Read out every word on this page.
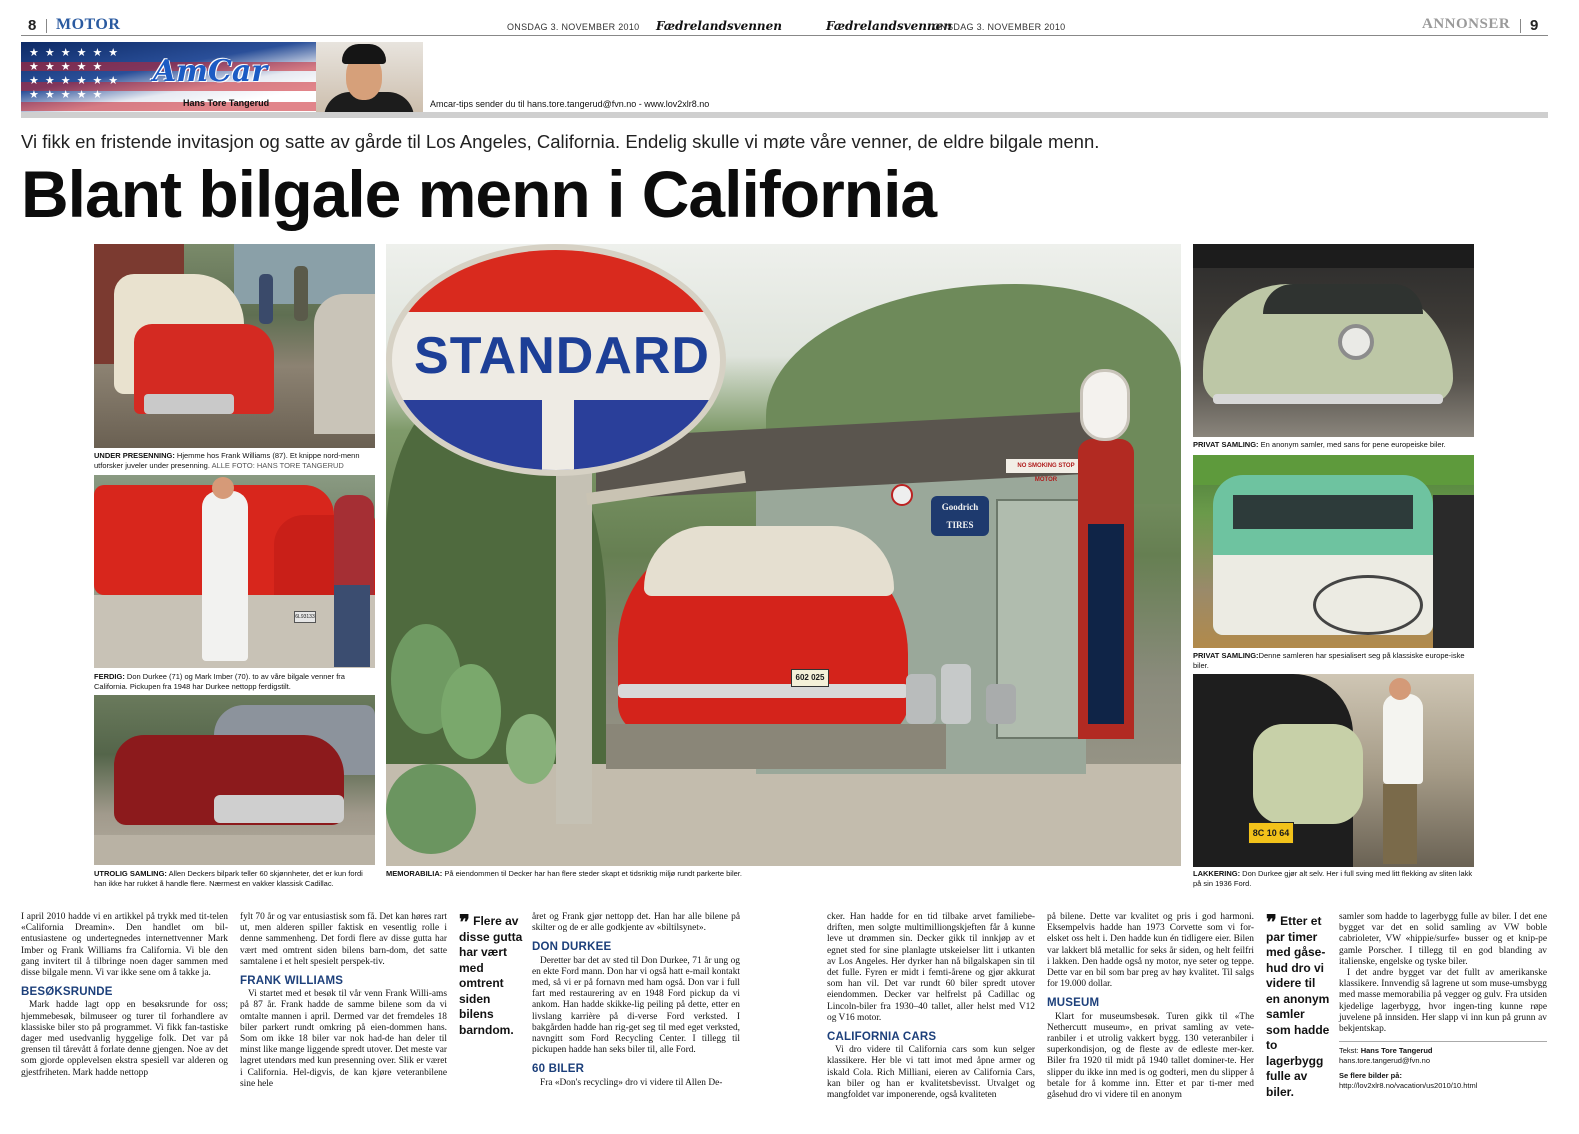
8 MOTOR	ONSDAG 3. NOVEMBER 2010 Fædrelandsvennen	Fædrelandsvennen
ONSDAG 3. NOVEMBER 2010	ANNONSER 9
★★★★★★ ★★★★★ ★★★★★★ ★★★★★
AmCar
Hans Tore Tangerud	Amcar-tips sender du til hans.tore.tangerud@fvn.no - www.lov2xlr8.no
Vi fikk en fristende invitasjon og satte av gårde til Los Angeles, California. Endelig skulle vi møte våre venner, de eldre bilgale menn.
Blant bilgale menn i California
UNDER PRESENNING: Hjemme hos Frank Williams (87). Et knippe nord-menn utforsker juveler under presenning. ALLE FOTO: HANS TORE TANGERUD
6L93133
FERDIG: Don Durkee (71) og Mark Imber (70). to av våre bilgale venner fra California. Pickupen fra 1948 har Durkee nettopp ferdigstilt.
UTROLIG SAMLING: Allen Deckers bilpark teller 60 skjønnheter, det er kun fordi han ikke har rukket å handle flere. Nærmest en vakker klassisk Cadillac.
NO SMOKING STOP MOTOR
Goodrich TIRES
602 025
STANDARD
MEMORABILIA: På eiendommen til Decker har han flere steder skapt et tidsriktig miljø rundt parkerte biler.
PRIVAT SAMLING: En anonym samler, med sans for pene europeiske biler.
PRIVAT SAMLING:Denne samleren har spesialisert seg på klassiske europe-iske biler.
8C 10 64
LAKKERING: Don Durkee gjør alt selv. Her i full sving med litt flekking av sliten lakk på sin 1936 Ford.

I april 2010 hadde vi en artikkel på trykk med tit-telen «California Dreamin». Den handlet om bil-entusiastene og undertegnedes internettvenner Mark Imber og Frank Williams fra California. Vi ble den gang invitert til å tilbringe noen dager sammen med disse bilgale menn. Vi var ikke sene om å takke ja.

BESØKSRUNDE

Mark hadde lagt opp en besøksrunde for oss; hjemmebesøk, bilmuseer og turer til forhandlere av klassiske biler sto på programmet. Vi fikk fan-tastiske dager med usedvanlig hyggelige folk. Det var på grensen til tårevått å forlate denne gjengen. Noe av det som gjorde opplevelsen ekstra spesiell var alderen og gjestfriheten. Mark hadde nettopp

fylt 70 år og var entusiastisk som få. Det kan høres rart ut, men alderen spiller faktisk en vesentlig rolle i denne sammenheng. Det fordi flere av disse gutta har vært med omtrent siden bilens barn-dom, det satte samtalene i et helt spesielt perspek-tiv.

FRANK WILLIAMS

Vi startet med et besøk til vår venn Frank Willi-ams på 87 år. Frank hadde de samme bilene som da vi omtalte mannen i april. Dermed var det fremdeles 18 biler parkert rundt omkring på eien-dommen hans. Som om ikke 18 biler var nok had-de han deler til minst like mange liggende spredt utover. Det meste var lagret utendørs med kun presenning over. Slik er været i California. Hel-digvis, de kan kjøre veteranbilene sine hele

❞ Flere av disse gutta har vært med omtrent siden bilens barndom.

året og Frank gjør nettopp det. Han har alle bilene på skilter og de er alle godkjente av «biltilsynet».

DON DURKEE

Deretter bar det av sted til Don Durkee, 71 år ung og en ekte Ford mann. Don har vi også hatt e-mail kontakt med, så vi er på fornavn med ham også. Don var i full fart med restaurering av en 1948 Ford pickup da vi ankom. Han hadde skikke-lig peiling på dette, etter en livslang karrière på di-verse Ford verksted. I bakgården hadde han rig-get seg til med eget verksted, navngitt som Ford Recycling Center. I tillegg til pickupen hadde han seks biler til, alle Ford.

60 BILER

Fra «Don's recycling» dro vi videre til Allen De-

cker. Han hadde for en tid tilbake arvet familiebe-driften, men solgte multimilliongskjeften får å kunne leve ut drømmen sin. Decker gikk til innkjøp av et egnet sted for sine planlagte utskeielser litt i utkanten av Los Angeles. Her dyrker han nå bilgalskapen sin til det fulle. Fyren er midt i femti-årene og gjør akkurat som han vil. Det var rundt 60 biler spredt utover eiendommen. Decker var helfrelst på Cadillac og Lincoln-biler fra 1930–40 tallet, aller helst med V12 og V16 motor.

CALIFORNIA CARS

Vi dro videre til California cars som kun selger klassikere. Her ble vi tatt imot med åpne armer og iskald Cola. Rich Milliani, eieren av California Cars, kan biler og han er kvalitetsbevisst. Utvalget og mangfoldet var imponerende, også kvaliteten

på bilene. Dette var kvalitet og pris i god harmoni. Eksempelvis hadde han 1973 Corvette som vi for-elsket oss helt i. Den hadde kun én tidligere eier. Bilen var lakkert blå metallic for seks år siden, og helt feilfri i lakken. Den hadde også ny motor, nye seter og teppe. Dette var en bil som bar preg av høy kvalitet. Til salgs for 19.000 dollar.

MUSEUM

Klart for museumsbesøk. Turen gikk til «The Nethercutt museum», en privat samling av vete-ranbiler i et utrolig vakkert bygg. 130 veteranbiler i superkondisjon, og de fleste av de edleste mer-ker. Biler fra 1920 til midt på 1940 tallet dominer-te. Her slipper du ikke inn med is og godteri, men du slipper å betale for å komme inn. Etter et par ti-mer med gåsehud dro vi videre til en anonym

❞ Etter et par timer med gåse-hud dro vi videre til en anonym samler som hadde to lagerbygg fulle av biler.

samler som hadde to lagerbygg fulle av biler. I det ene bygget var det en solid samling av VW boble cabrioleter, VW «hippie/surfe» busser og et knip-pe gamle Porscher. I tillegg til en god blanding av italienske, engelske og tyske biler.

I det andre bygget var det fullt av amerikanske klassikere. Innvendig så lagrene ut som muse-umsbygg med masse memorabilia på vegger og gulv. Fra utsiden kjedelige lagerbygg, hvor ingen-ting kunne røpe juvelene på innsiden. Her slapp vi inn kun på grunn av bekjentskap.

Tekst: Hans Tore Tangerud
hans.tore.tangerud@fvn.no
Se flere bilder på:
http://lov2xlr8.no/vacation/us2010/10.html
